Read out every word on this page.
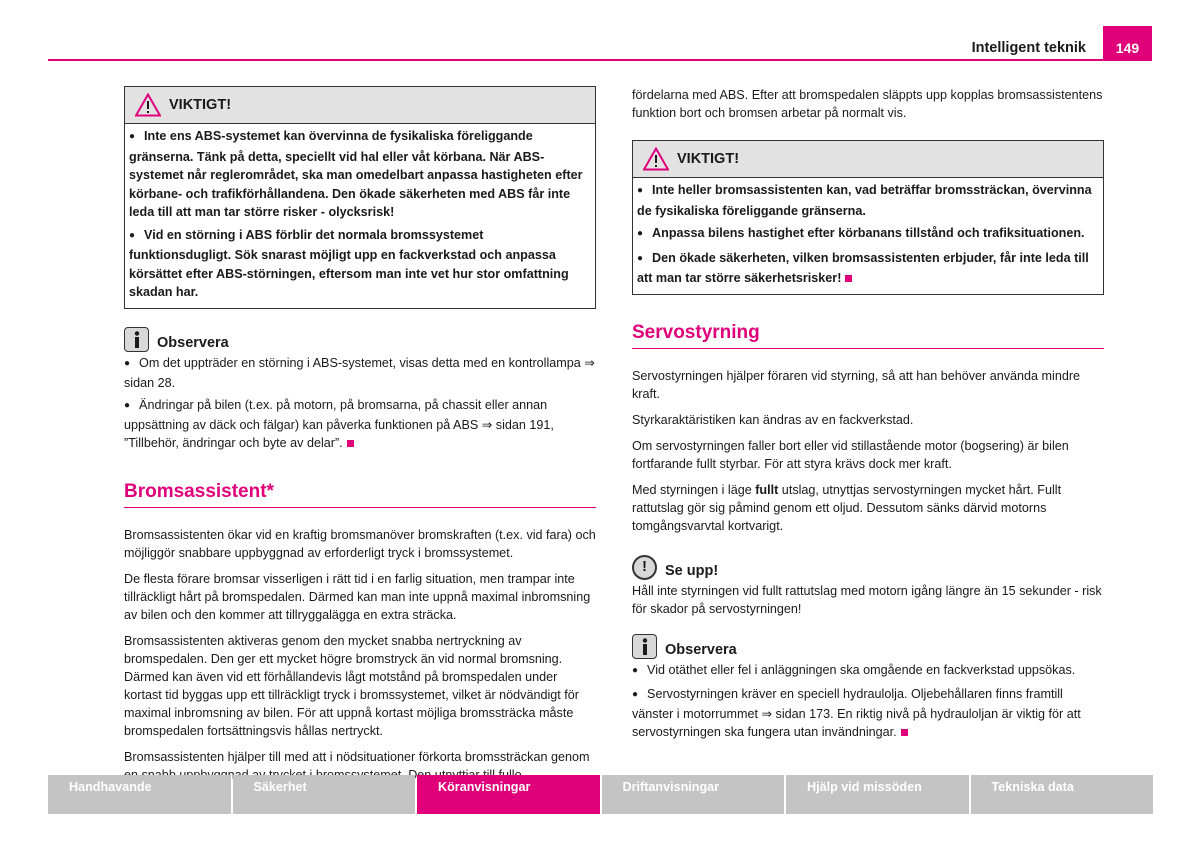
Intelligent teknik	149
VIKTIGT!
● Inte ens ABS-systemet kan övervinna de fysikaliska föreliggande gränserna. Tänk på detta, speciellt vid hal eller våt körbana. När ABS-systemet når reglerområdet, ska man omedelbart anpassa hastigheten efter körbane- och trafikförhållandena. Den ökade säkerheten med ABS får inte leda till att man tar större risker - olycksrisk!
● Vid en störning i ABS förblir det normala bromssystemet funktionsdugligt. Sök snarast möjligt upp en fackverkstad och anpassa körsättet efter ABS-störningen, eftersom man inte vet hur stor omfattning skadan har.
Observera
● Om det uppträder en störning i ABS-systemet, visas detta med en kontrollampa ⇒ sidan 28.
● Ändringar på bilen (t.ex. på motorn, på bromsarna, på chassit eller annan uppsättning av däck och fälgar) kan påverka funktionen på ABS ⇒ sidan 191, ”Tillbehör, ändringar och byte av delar”.
Bromsassistent*

Bromsassistenten ökar vid en kraftig bromsmanöver bromskraften (t.ex. vid fara) och möjliggör snabbare uppbyggnad av erforderligt tryck i bromssystemet.

De flesta förare bromsar visserligen i rätt tid i en farlig situation, men trampar inte tillräckligt hårt på bromspedalen. Därmed kan man inte uppnå maximal inbromsning av bilen och den kommer att tillryggalägga en extra sträcka.

Bromsassistenten aktiveras genom den mycket snabba nertryckning av bromspedalen. Den ger ett mycket högre bromstryck än vid normal bromsning. Därmed kan även vid ett förhållandevis lågt motstånd på bromspedalen under kortast tid byggas upp ett tillräckligt tryck i bromssystemet, vilket är nödvändigt för maximal inbromsning av bilen. För att uppnå kortast möjliga bromssträcka måste bromspedalen fortsättningsvis hållas nertryckt.

Bromsassistenten hjälper till med att i nödsituationer förkorta bromssträckan genom

fördelarna med ABS. Efter att bromspedalen släppts upp kopplas bromsassistentens funktion bort och bromsen arbetar på normalt vis.

VIKTIGT!
● Inte heller bromsassistenten kan, vad beträffar bromssträckan, övervinna de fysikaliska föreliggande gränserna.
● Anpassa bilens hastighet efter körbanans tillstånd och trafiksituationen.
● Den ökade säkerheten, vilken bromsassistenten erbjuder, får inte leda till att man tar större säkerhetsrisker!
Servostyrning

Servostyrningen hjälper föraren vid styrning, så att han behöver använda mindre kraft.

Styrkaraktäristiken kan ändras av en fackverkstad.

Om servostyrningen faller bort eller vid stillastående motor (bogsering) är bilen fortfarande fullt styrbar. För att styra krävs dock mer kraft.

Med styrningen i läge fullt utslag, utnyttjas servostyrningen mycket hårt. Fullt rattutslag gör sig påmind genom ett oljud. Dessutom sänks därvid motorns tomgångsvarvtal kortvarigt.

!	Se upp!

Håll inte styrningen vid fullt rattutslag med motorn igång längre än 15 sekunder - risk för skador på servostyrningen!

Observera
● Vid otäthet eller fel i anläggningen ska omgående en fackverkstad uppsökas.
● Servostyrningen kräver en speciell hydraulolja. Oljebehållaren finns framtill vänster i motorrummet ⇒ sidan 173. En riktig nivå på hydrauloljan är viktig för att servostyrningen ska fungera utan invändningar.
Handhavande	Säkerhet	Köranvisningar	Driftanvisningar	Hjälp vid missöden	Tekniska data
